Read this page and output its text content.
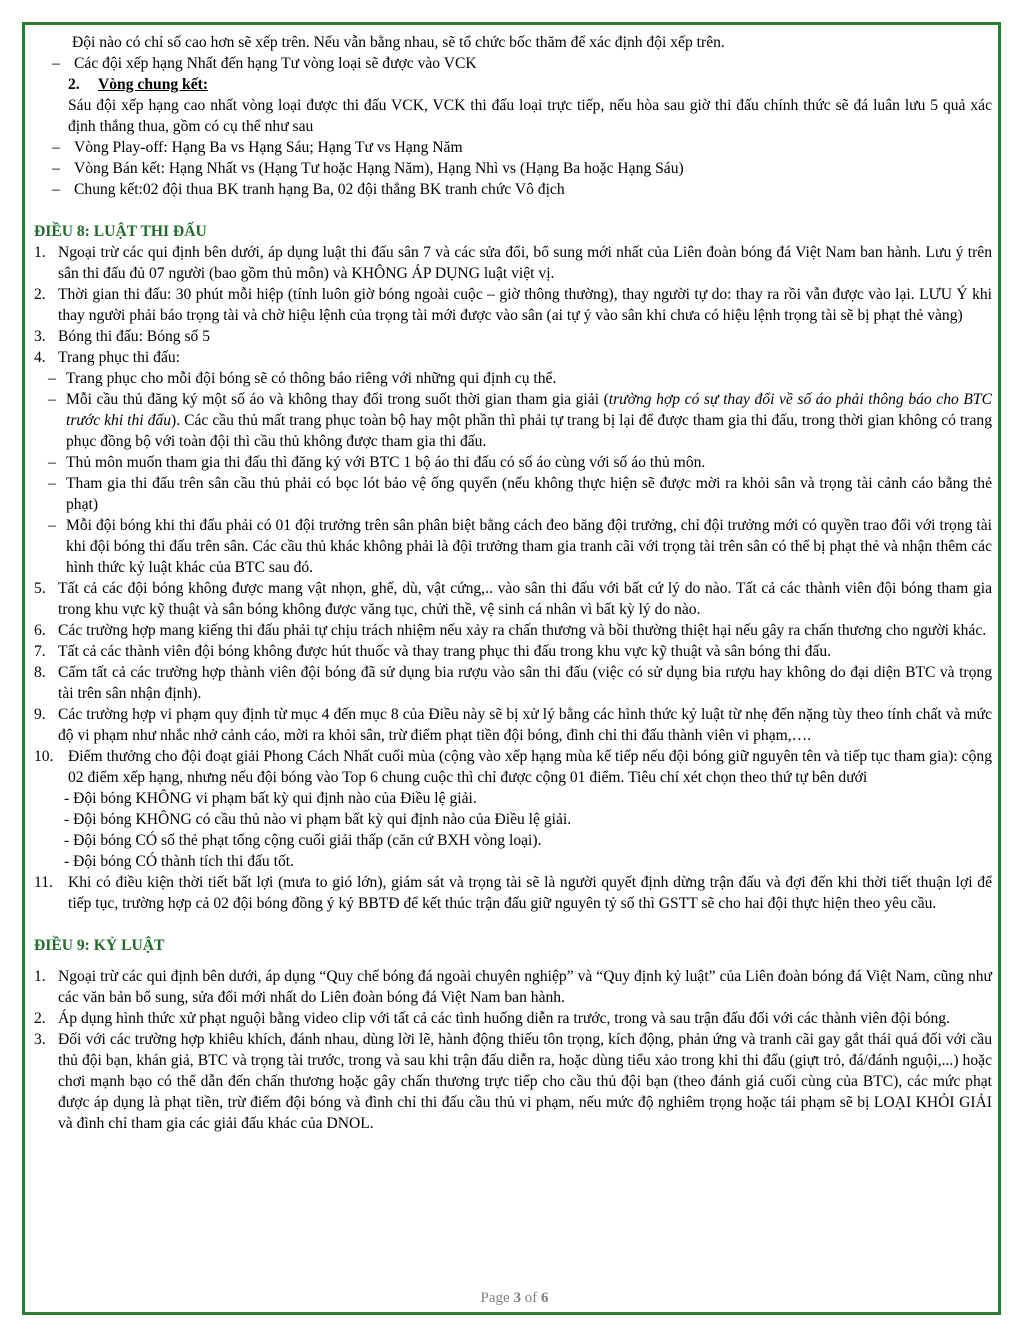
Đội nào có chỉ số cao hơn sẽ xếp trên. Nếu vẫn bằng nhau, sẽ tổ chức bốc thăm để xác định đội xếp trên.

– Các đội xếp hạng Nhất đến hạng Tư vòng loại sẽ được vào VCK

2. Vòng chung kết:

Sáu đội xếp hạng cao nhất vòng loại được thi đấu VCK, VCK thi đấu loại trực tiếp, nếu hòa sau giờ thi đấu chính thức sẽ đá luân lưu 5 quả xác định thắng thua, gồm có cụ thể như sau

– Vòng Play-off: Hạng Ba vs Hạng Sáu; Hạng Tư vs Hạng Năm

– Vòng Bán kết: Hạng Nhất vs (Hạng Tư hoặc Hạng Năm), Hạng Nhì vs (Hạng Ba hoặc Hạng Sáu)

– Chung kết:02 đội thua BK tranh hạng Ba, 02 đội thắng BK tranh chức Vô địch

ĐIỀU 8: LUẬT THI ĐẤU

1. Ngoại trừ các qui định bên dưới, áp dụng luật thi đấu sân 7 và các sửa đổi, bổ sung mới nhất của Liên đoàn bóng đá Việt Nam ban hành. Lưu ý trên sân thi đấu đủ 07 người (bao gồm thủ môn) và KHÔNG ÁP DỤNG luật việt vị.
2. Thời gian thi đấu: 30 phút mỗi hiệp (tính luôn giờ bóng ngoài cuộc – giờ thông thường), thay người tự do: thay ra rồi vẫn được vào lại. LƯU Ý khi thay người phải báo trọng tài và chờ hiệu lệnh của trọng tài mới được vào sân (ai tự ý vào sân khi chưa có hiệu lệnh trọng tài sẽ bị phạt thẻ vàng)
3. Bóng thi đấu: Bóng số 5
4. Trang phục thi đấu:
– Trang phục cho mỗi đội bóng sẽ có thông báo riêng với những qui định cụ thể.
– Mỗi cầu thủ đăng ký một số áo và không thay đổi trong suốt thời gian tham gia giải (trường hợp có sự thay đổi về số áo phải thông báo cho BTC trước khi thi đấu). Các cầu thủ mất trang phục toàn bộ hay một phần thì phải tự trang bị lại để được tham gia thi đấu, trong thời gian không có trang phục đồng bộ với toàn đội thì cầu thủ không được tham gia thi đấu.
– Thủ môn muốn tham gia thi đấu thì đăng ký với BTC 1 bộ áo thi đấu có số áo cùng với số áo thủ môn.
– Tham gia thi đấu trên sân cầu thủ phải có bọc lót bảo vệ ống quyển (nếu không thực hiện sẽ được mời ra khỏi sân và trọng tài cảnh cáo bằng thẻ phạt)
– Mỗi đội bóng khi thi đấu phải có 01 đội trưởng trên sân phân biệt bằng cách đeo băng đội trưởng, chỉ đội trưởng mới có quyền trao đổi với trọng tài khi đội bóng thi đấu trên sân. Các cầu thủ khác không phải là đội trưởng tham gia tranh cãi với trọng tài trên sân có thể bị phạt thẻ và nhận thêm các hình thức kỷ luật khác của BTC sau đó.
5. Tất cả các đội bóng không được mang vật nhọn, ghế, dù, vật cứng,.. vào sân thi đấu với bất cứ lý do nào. Tất cả các thành viên đội bóng tham gia trong khu vực kỹ thuật và sân bóng không được văng tục, chửi thề, vệ sinh cá nhân vì bất kỳ lý do nào.
6. Các trường hợp mang kiếng thi đấu phải tự chịu trách nhiệm nếu xảy ra chấn thương và bồi thường thiệt hại nếu gây ra chấn thương cho người khác.
7. Tất cả các thành viên đội bóng không được hút thuốc và thay trang phục thi đấu trong khu vực kỹ thuật và sân bóng thi đấu.
8. Cấm tất cả các trường hợp thành viên đội bóng đã sử dụng bia rượu vào sân thi đấu (việc có sử dụng bia rượu hay không do đại diện BTC và trọng tài trên sân nhận định).
9. Các trường hợp vi phạm quy định từ mục 4 đến mục 8 của Điều này sẽ bị xử lý bằng các hình thức kỷ luật từ nhẹ đến nặng tùy theo tính chất và mức độ vi phạm như nhắc nhở cảnh cáo, mời ra khỏi sân, trừ điểm phạt tiền đội bóng, đình chỉ thi đấu thành viên vi phạm,….
10. Điểm thưởng cho đội đoạt giải Phong Cách Nhất cuối mùa (cộng vào xếp hạng mùa kế tiếp nếu đội bóng giữ nguyên tên và tiếp tục tham gia): cộng 02 điểm xếp hạng, nhưng nếu đội bóng vào Top 6 chung cuộc thì chỉ được cộng 01 điểm. Tiêu chí xét chọn theo thứ tự bên dưới
- Đội bóng KHÔNG vi phạm bất kỳ qui định nào của Điều lệ giải.
- Đội bóng KHÔNG có cầu thủ nào vi phạm bất kỳ qui định nào của Điều lệ giải.
- Đội bóng CÓ số thẻ phạt tổng cộng cuối giải thấp (căn cứ BXH vòng loại).
- Đội bóng CÓ thành tích thi đấu tốt.
11. Khi có điều kiện thời tiết bất lợi (mưa to gió lớn), giám sát và trọng tài sẽ là người quyết định dừng trận đấu và đợi đến khi thời tiết thuận lợi để tiếp tục, trường hợp cả 02 đội bóng đồng ý ký BBTĐ để kết thúc trận đấu giữ nguyên tỷ số thì GSTT sẽ cho hai đội thực hiện theo yêu cầu.

ĐIỀU 9: KỶ LUẬT

1. Ngoại trừ các qui định bên dưới, áp dụng “Quy chế bóng đá ngoài chuyên nghiệp” và “Quy định kỷ luật” của Liên đoàn bóng đá Việt Nam, cũng như các văn bản bổ sung, sửa đổi mới nhất do Liên đoàn bóng đá Việt Nam ban hành.
2. Áp dụng hình thức xử phạt nguội bằng video clip với tất cả các tình huống diễn ra trước, trong và sau trận đấu đối với các thành viên đội bóng.
3. Đối với các trường hợp khiêu khích, đánh nhau, dùng lời lẽ, hành động thiếu tôn trọng, kích động, phản ứng và tranh cãi gay gắt thái quá đối với cầu thủ đội bạn, khán giả, BTC và trọng tài trước, trong và sau khi trận đấu diễn ra, hoặc dùng tiểu xảo trong khi thi đấu (giựt trỏ, đá/đánh nguội,...) hoặc chơi mạnh bạo có thể dẫn đến chấn thương hoặc gây chấn thương trực tiếp cho cầu thủ đội bạn (theo đánh giá cuối cùng của BTC), các mức phạt được áp dụng là phạt tiền, trừ điểm đội bóng và đình chỉ thi đấu cầu thủ vi phạm, nếu mức độ nghiêm trọng hoặc tái phạm sẽ bị LOẠI KHỎI GIẢI và đình chỉ tham gia các giải đấu khác của DNOL.
Page 3 of 6
